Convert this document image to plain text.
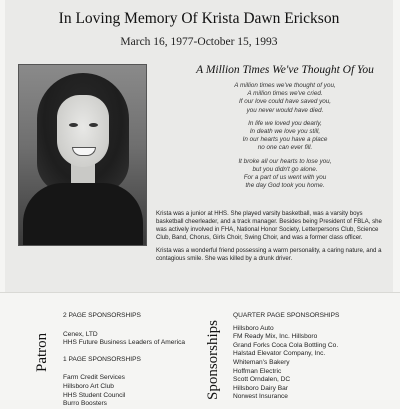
In Loving Memory Of Krista Dawn Erickson
March 16, 1977-October 15, 1993
A Million Times We've Thought Of You
A million times we've thought of you,
A million times we've cried.
If our love could have saved you,
you never would have died.
In life we loved you dearly,
In death we love you still,
In our hearts you have a place
no one can ever fill.
It broke all our hearts to lose you,
but you didn't go alone.
For a part of us went with you
the day God took you home.

Krista was a junior at HHS. She played varsity basketball, was a varsity boys basketball cheerleader, and a track manager. Besides being President of FBLA, she was actively involved in FHA, National Honor Society, Letterpersons Club, Science Club, Band, Chorus, Girls Choir, Swing Choir, and was a former class officer.

Krista was a wonderful friend possessing a warm personality, a caring nature, and a contagious smile. She was killed by a drunk driver.

Patron
2 PAGE SPONSORSHIPS
Cenex, LTD
HHS Future Business Leaders of America
1 PAGE SPONSORSHIPS
Farm Credit Services
Hillsboro Art Club
HHS Student Council
Burro Boosters
Sponsorships
QUARTER PAGE SPONSORSHIPS
Hillsboro Auto
FM Ready Mix, Inc. Hillsboro
Grand Forks Coca Cola Bottling Co.
Halstad Elevator Company, Inc.
Whiteman's Bakery
Hoffman Electric
Scott Orndalen, DC
Hillsboro Dairy Bar
Norwest Insurance
